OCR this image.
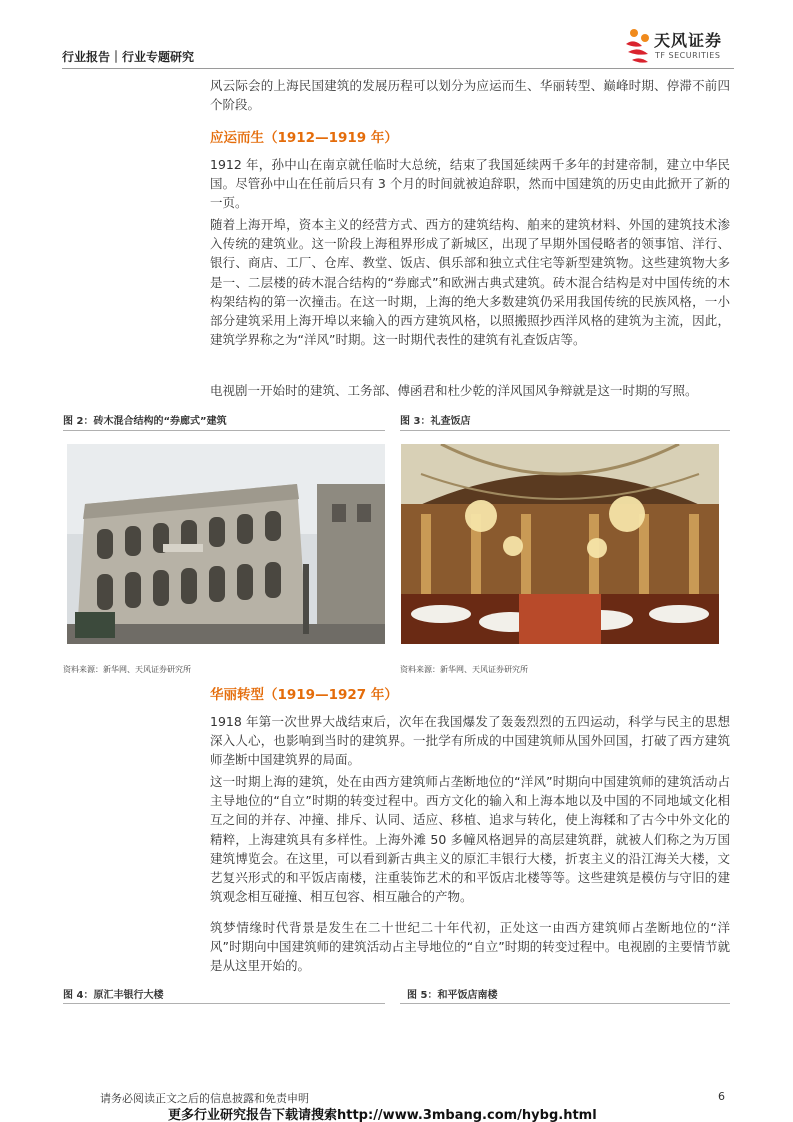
行业报告｜行业专题研究
天风证券
TF SECURITIES
风云际会的上海民国建筑的发展历程可以划分为应运而生、华丽转型、巅峰时期、停滞不前四个阶段。
应运而生（1912—1919 年）
1912 年，孙中山在南京就任临时大总统，结束了我国延续两千多年的封建帝制，建立中华民国。尽管孙中山在任前后只有 3 个月的时间就被迫辞职，然而中国建筑的历史由此掀开了新的一页。
随着上海开埠，资本主义的经营方式、西方的建筑结构、舶来的建筑材料、外国的建筑技术渗入传统的建筑业。这一阶段上海租界形成了新城区，出现了早期外国侵略者的领事馆、洋行、银行、商店、工厂、仓库、教堂、饭店、俱乐部和独立式住宅等新型建筑物。这些建筑物大多是一、二层楼的砖木混合结构的“券廊式”和欧洲古典式建筑。砖木混合结构是对中国传统的木构架结构的第一次撞击。在这一时期，上海的绝大多数建筑仍采用我国传统的民族风格，一小部分建筑采用上海开埠以来输入的西方建筑风格，以照搬照抄西洋风格的建筑为主流，因此，建筑学界称之为“洋风”时期。这一时期代表性的建筑有礼查饭店等。
电视剧一开始时的建筑、工务部、傅函君和杜少乾的洋风国风争辩就是这一时期的写照。
图 2：砖木混合结构的“券廊式”建筑
资料来源：新华网、天风证券研究所
图 3：礼查饭店
资料来源：新华网、天风证券研究所
华丽转型（1919—1927 年）
1918 年第一次世界大战结束后，次年在我国爆发了轰轰烈烈的五四运动，科学与民主的思想深入人心，也影响到当时的建筑界。一批学有所成的中国建筑师从国外回国，打破了西方建筑师垄断中国建筑界的局面。
这一时期上海的建筑，处在由西方建筑师占垄断地位的“洋风”时期向中国建筑师的建筑活动占主导地位的“自立”时期的转变过程中。西方文化的输入和上海本地以及中国的不同地域文化相互之间的并存、冲撞、排斥、认同、适应、移植、追求与转化，使上海糅和了古今中外文化的精粹，上海建筑具有多样性。上海外滩 50 多幢风格迥异的高层建筑群，就被人们称之为万国建筑博览会。在这里，可以看到新古典主义的原汇丰银行大楼，折衷主义的沿江海关大楼，文艺复兴形式的和平饭店南楼，注重装饰艺术的和平饭店北楼等等。这些建筑是模仿与守旧的建筑观念相互碰撞、相互包容、相互融合的产物。
筑梦情缘时代背景是发生在二十世纪二十年代初，正处这一由西方建筑师占垄断地位的“洋风”时期向中国建筑师的建筑活动占主导地位的“自立”时期的转变过程中。电视剧的主要情节就是从这里开始的。
图 4：原汇丰银行大楼	图 5：和平饭店南楼
请务必阅读正文之后的信息披露和免责申明	6
更多行业研究报告下载请搜索http://www.3mbang.com/hybg.html
